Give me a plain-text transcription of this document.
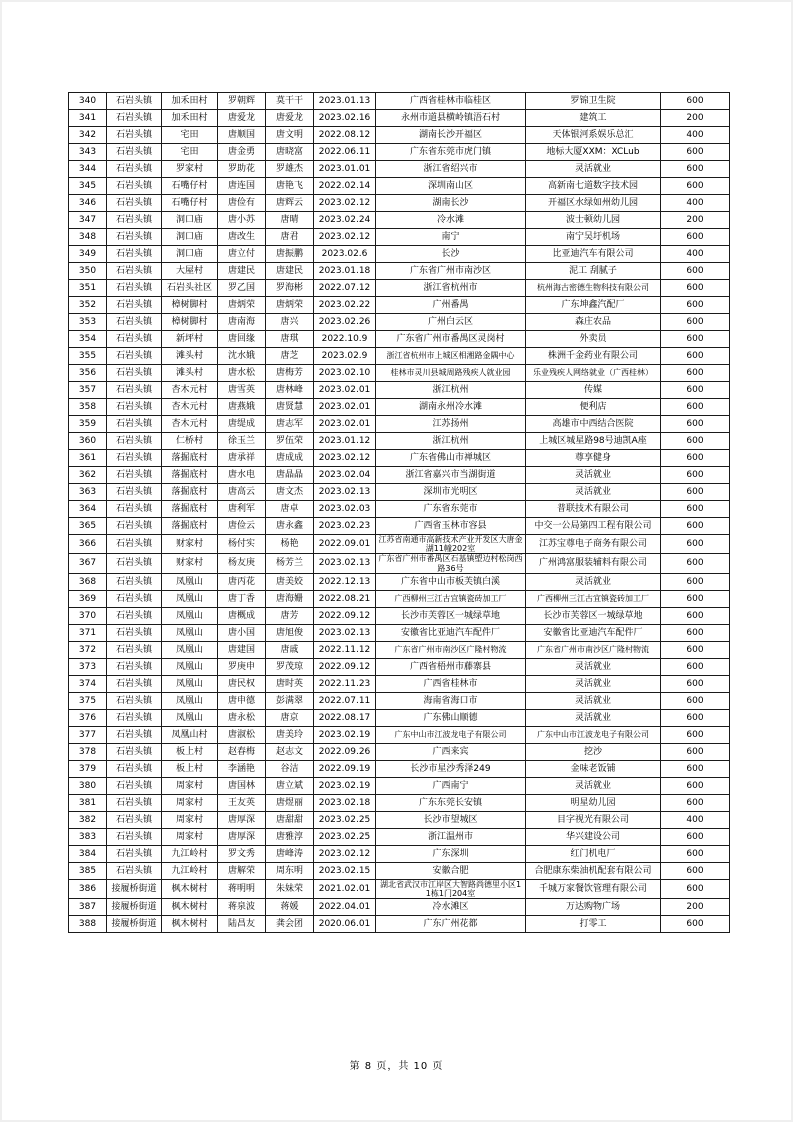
340	石岩头镇	加禾田村	罗朝辉	莫干干	2023.01.13	广西省桂林市临桂区	罗锦卫生院	600
341	石岩头镇	加禾田村	唐爱龙	唐爱龙	2023.02.16	永州市道县横岭镇浯石村	建筑工	200
342	石岩头镇	宅田	唐顺国	唐文明	2022.08.12	湖南长沙开福区	天体银河系娱乐总汇	400
343	石岩头镇	宅田	唐金勇	唐晓富	2022.06.11	广东省东莞市虎门镇	地标大厦XXM：XCLub	600
344	石岩头镇	罗家村	罗助花	罗雄杰	2023.01.01	浙江省绍兴市	灵活就业	600
345	石岩头镇	石嘴仔村	唐连国	唐艳飞	2022.02.14	深圳南山区	高新南七道数字技术园	600
346	石岩头镇	石嘴仔村	唐俭有	唐辉云	2023.02.12	湖南长沙	开福区水绿如州幼儿园	400
347	石岩头镇	洞口庙	唐小苏	唐晴	2023.02.24	冷水滩	波士顿幼儿园	200
348	石岩头镇	洞口庙	唐改生	唐君	2023.02.12	南宁	南宁吴圩机场	600
349	石岩头镇	洞口庙	唐立付	唐振鹏	2023.02.6	长沙	比亚迪汽车有限公司	400
350	石岩头镇	大屋村	唐建民	唐建民	2023.01.18	广东省广州市南沙区	泥工 刮腻子	600
351	石岩头镇	石岩头社区	罗乙国	罗海彬	2022.07.12	浙江省杭州市	杭州海古密德生物科技有限公司	600
352	石岩头镇	樟树脚村	唐炳荣	唐炳荣	2023.02.22	广州番禺	广东坤鑫汽配厂	600
353	石岩头镇	樟树脚村	唐南海	唐兴	2023.02.26	广州白云区	森庄农品	600
354	石岩头镇	新坪村	唐回缘	唐琪	2022.10.9	广东省广州市番禺区灵岗村	外卖员	600
355	石岩头镇	滩头村	沈水娥	唐芝	2023.02.9	浙江省杭州市上城区相湘路金隅中心	株洲千金药业有限公司	600
356	石岩头镇	滩头村	唐水松	唐梅芳	2023.02.10	桂林市灵川县城周路残疾人就业园	乐业残疾人网络就业（广西桂林）	600
357	石岩头镇	杏木元村	唐雪英	唐林峰	2023.02.01	浙江杭州	传媒	600
358	石岩头镇	杏木元村	唐燕娥	唐贤慧	2023.02.01	湖南永州冷水滩	便利店	600
359	石岩头镇	杏木元村	唐缇成	唐志军	2023.02.01	江苏扬州	高雄市中西结合医院	600
360	石岩头镇	仁桥村	徐玉兰	罗伍荣	2023.01.12	浙江杭州	上城区城星路98号迪凯A座	600
361	石岩头镇	落掘底村	唐承祥	唐成成	2023.02.12	广东省佛山市禅城区	尊享健身	600
362	石岩头镇	落掘底村	唐水电	唐晶晶	2023.02.04	浙江省嘉兴市当湖街道	灵活就业	600
363	石岩头镇	落掘底村	唐高云	唐文杰	2023.02.13	深圳市光明区	灵活就业	600
364	石岩头镇	落掘底村	唐利军	唐卓	2023.02.03	广东省东莞市	普联技术有限公司	600
365	石岩头镇	落掘底村	唐俭云	唐永鑫	2023.02.23	广西省玉林市容县	中交一公局第四工程有限公司	600
366	石岩头镇	财家村	杨付实	杨艳	2022.09.01	江苏省南通市高新技术产业开发区大唐金湖11幢202室	江苏宝尊电子商务有限公司	600
367	石岩头镇	财家村	杨友庚	杨芳兰	2023.02.13	广东省广州市番禺区石基镇塱边村松岗西路36号	广州鸿富服装辅料有限公司	600
368	石岩头镇	凤凰山	唐丙花	唐美姣	2022.12.13	广东省中山市板芙镇白溪	灵活就业	600
369	石岩头镇	凤凰山	唐丁香	唐海姗	2022.08.21	广西柳州三江古宜镇瓷砖加工厂	广西柳州三江古宜镇瓷砖加工厂	600
370	石岩头镇	凤凰山	唐概成	唐芳	2022.09.12	长沙市芙蓉区一城绿草地	长沙市芙蓉区一城绿草地	600
371	石岩头镇	凤凰山	唐小国	唐旭俊	2023.02.13	安徽省比亚迪汽车配件厂	安徽省比亚迪汽车配件厂	600
372	石岩头镇	凤凰山	唐建国	唐戚	2022.11.12	广东省广州市南沙区广隆村物流	广东省广州市南沙区广隆村物流	600
373	石岩头镇	凤凰山	罗庚申	罗茂琼	2022.09.12	广西省梧州市藤寨县	灵活就业	600
374	石岩头镇	凤凰山	唐民权	唐时英	2022.11.23	广西省桂林市	灵活就业	600
375	石岩头镇	凤凰山	唐申德	彭满翠	2022.07.11	海南省海口市	灵活就业	600
376	石岩头镇	凤凰山	唐永松	唐京	2022.08.17	广东佛山顺德	灵活就业	600
377	石岩头镇	凤凰山村	唐淑松	唐美玲	2023.02.19	广东中山市江波龙电子有限公司	广东中山市江波龙电子有限公司	600
378	石岩头镇	板上村	赵春梅	赵志文	2022.09.26	广西来宾	挖沙	600
379	石岩头镇	板上村	李涵艳	谷洁	2022.09.19	长沙市星沙秀泽249	金味老饭铺	600
380	石岩头镇	周家村	唐国林	唐立斌	2023.02.19	广西南宁	灵活就业	600
381	石岩头镇	周家村	王友英	唐煜丽	2023.02.18	广东东莞长安镇	明星幼儿园	600
382	石岩头镇	周家村	唐厚深	唐甜甜	2023.02.25	长沙市望城区	目字视光有限公司	400
383	石岩头镇	周家村	唐厚深	唐雅淳	2023.02.25	浙江温州市	华兴建设公司	600
384	石岩头镇	九江岭村	罗文秀	唐峰涛	2023.02.12	广东深圳	红门机电厂	600
385	石岩头镇	九江岭村	唐解荣	周东明	2023.02.15	安徽合肥	合肥康东柴油机配套有限公司	600
386	接履桥街道	枫木树村	蒋明明	朱妹荣	2021.02.01	湖北省武汉市江岸区大智路尚德里小区11栋1门204室	千城万家餐饮管理有限公司	600
387	接履桥街道	枫木树村	蒋泉波	蒋媛	2022.04.01	冷水滩区	万达购物广场	200
388	接履桥街道	枫木树村	陆昌友	龚会团	2020.06.01	广东广州花都	打零工	600
第 8 页，共 10 页
